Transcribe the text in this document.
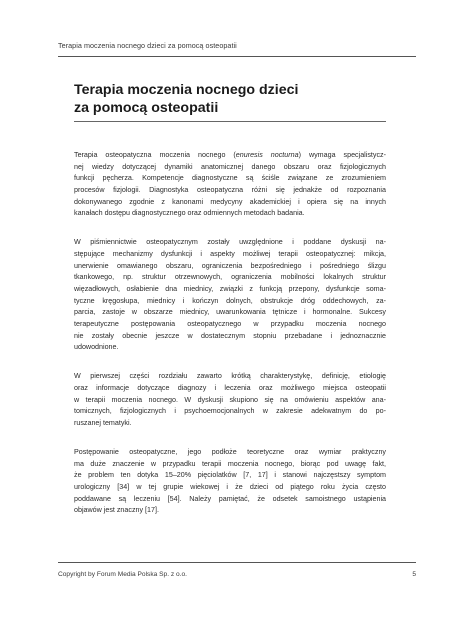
Terapia moczenia nocnego dzieci za pomocą osteopatii
Terapia moczenia nocnego dzieci
za pomocą osteopatii
Terapia osteopatyczna moczenia nocnego (enuresis nocturna) wymaga specjalistycz-
nej wiedzy dotyczącej dynamiki anatomicznej danego obszaru oraz fizjologicznych
funkcji pęcherza. Kompetencje diagnostyczne są ściśle związane ze zrozumieniem
procesów fizjologii. Diagnostyka osteopatyczna różni się jednakże od rozpoznania
dokonywanego zgodnie z kanonami medycyny akademickiej i opiera się na innych
kanałach dostępu diagnostycznego oraz odmiennych metodach badania.
W piśmiennictwie osteopatycznym zostały uwzględnione i poddane dyskusji na-
stępujące mechanizmy dysfunkcji i aspekty możliwej terapii osteopatycznej: mikcja,
unerwienie omawianego obszaru, ograniczenia bezpośredniego i pośredniego ślizgu
tkankowego, np. struktur otrzewnowych, ograniczenia mobilności lokalnych struktur
więzadłowych, osłabienie dna miednicy, związki z funkcją przepony, dysfunkcje soma-
tyczne kręgosłupa, miednicy i kończyn dolnych, obstrukcje dróg oddechowych, za-
parcia, zastoje w obszarze miednicy, uwarunkowania tętnicze i hormonalne. Sukcesy
terapeutyczne postępowania osteopatycznego w przypadku moczenia nocnego
nie zostały obecnie jeszcze w dostatecznym stopniu przebadane i jednoznacznie
udowodnione.
W pierwszej części rozdziału zawarto krótką charakterystykę, definicję, etiologię
oraz informacje dotyczące diagnozy i leczenia oraz możliwego miejsca osteopatii
w terapii moczenia nocnego. W dyskusji skupiono się na omówieniu aspektów ana-
tomicznych, fizjologicznych i psychoemocjonalnych w zakresie adekwatnym do po-
ruszanej tematyki.
Postępowanie osteopatyczne, jego podłoże teoretyczne oraz wymiar praktyczny
ma duże znaczenie w przypadku terapii moczenia nocnego, biorąc pod uwagę fakt,
że problem ten dotyka 15–20% pięciolatków [7, 17] i stanowi najczęstszy symptom
urologiczny [34] w tej grupie wiekowej i że dzieci od piątego roku życia często
poddawane są leczeniu [54]. Należy pamiętać, że odsetek samoistnego ustąpienia
objawów jest znaczny [17].
Copyright by Forum Media Polska Sp. z o.o.	5
